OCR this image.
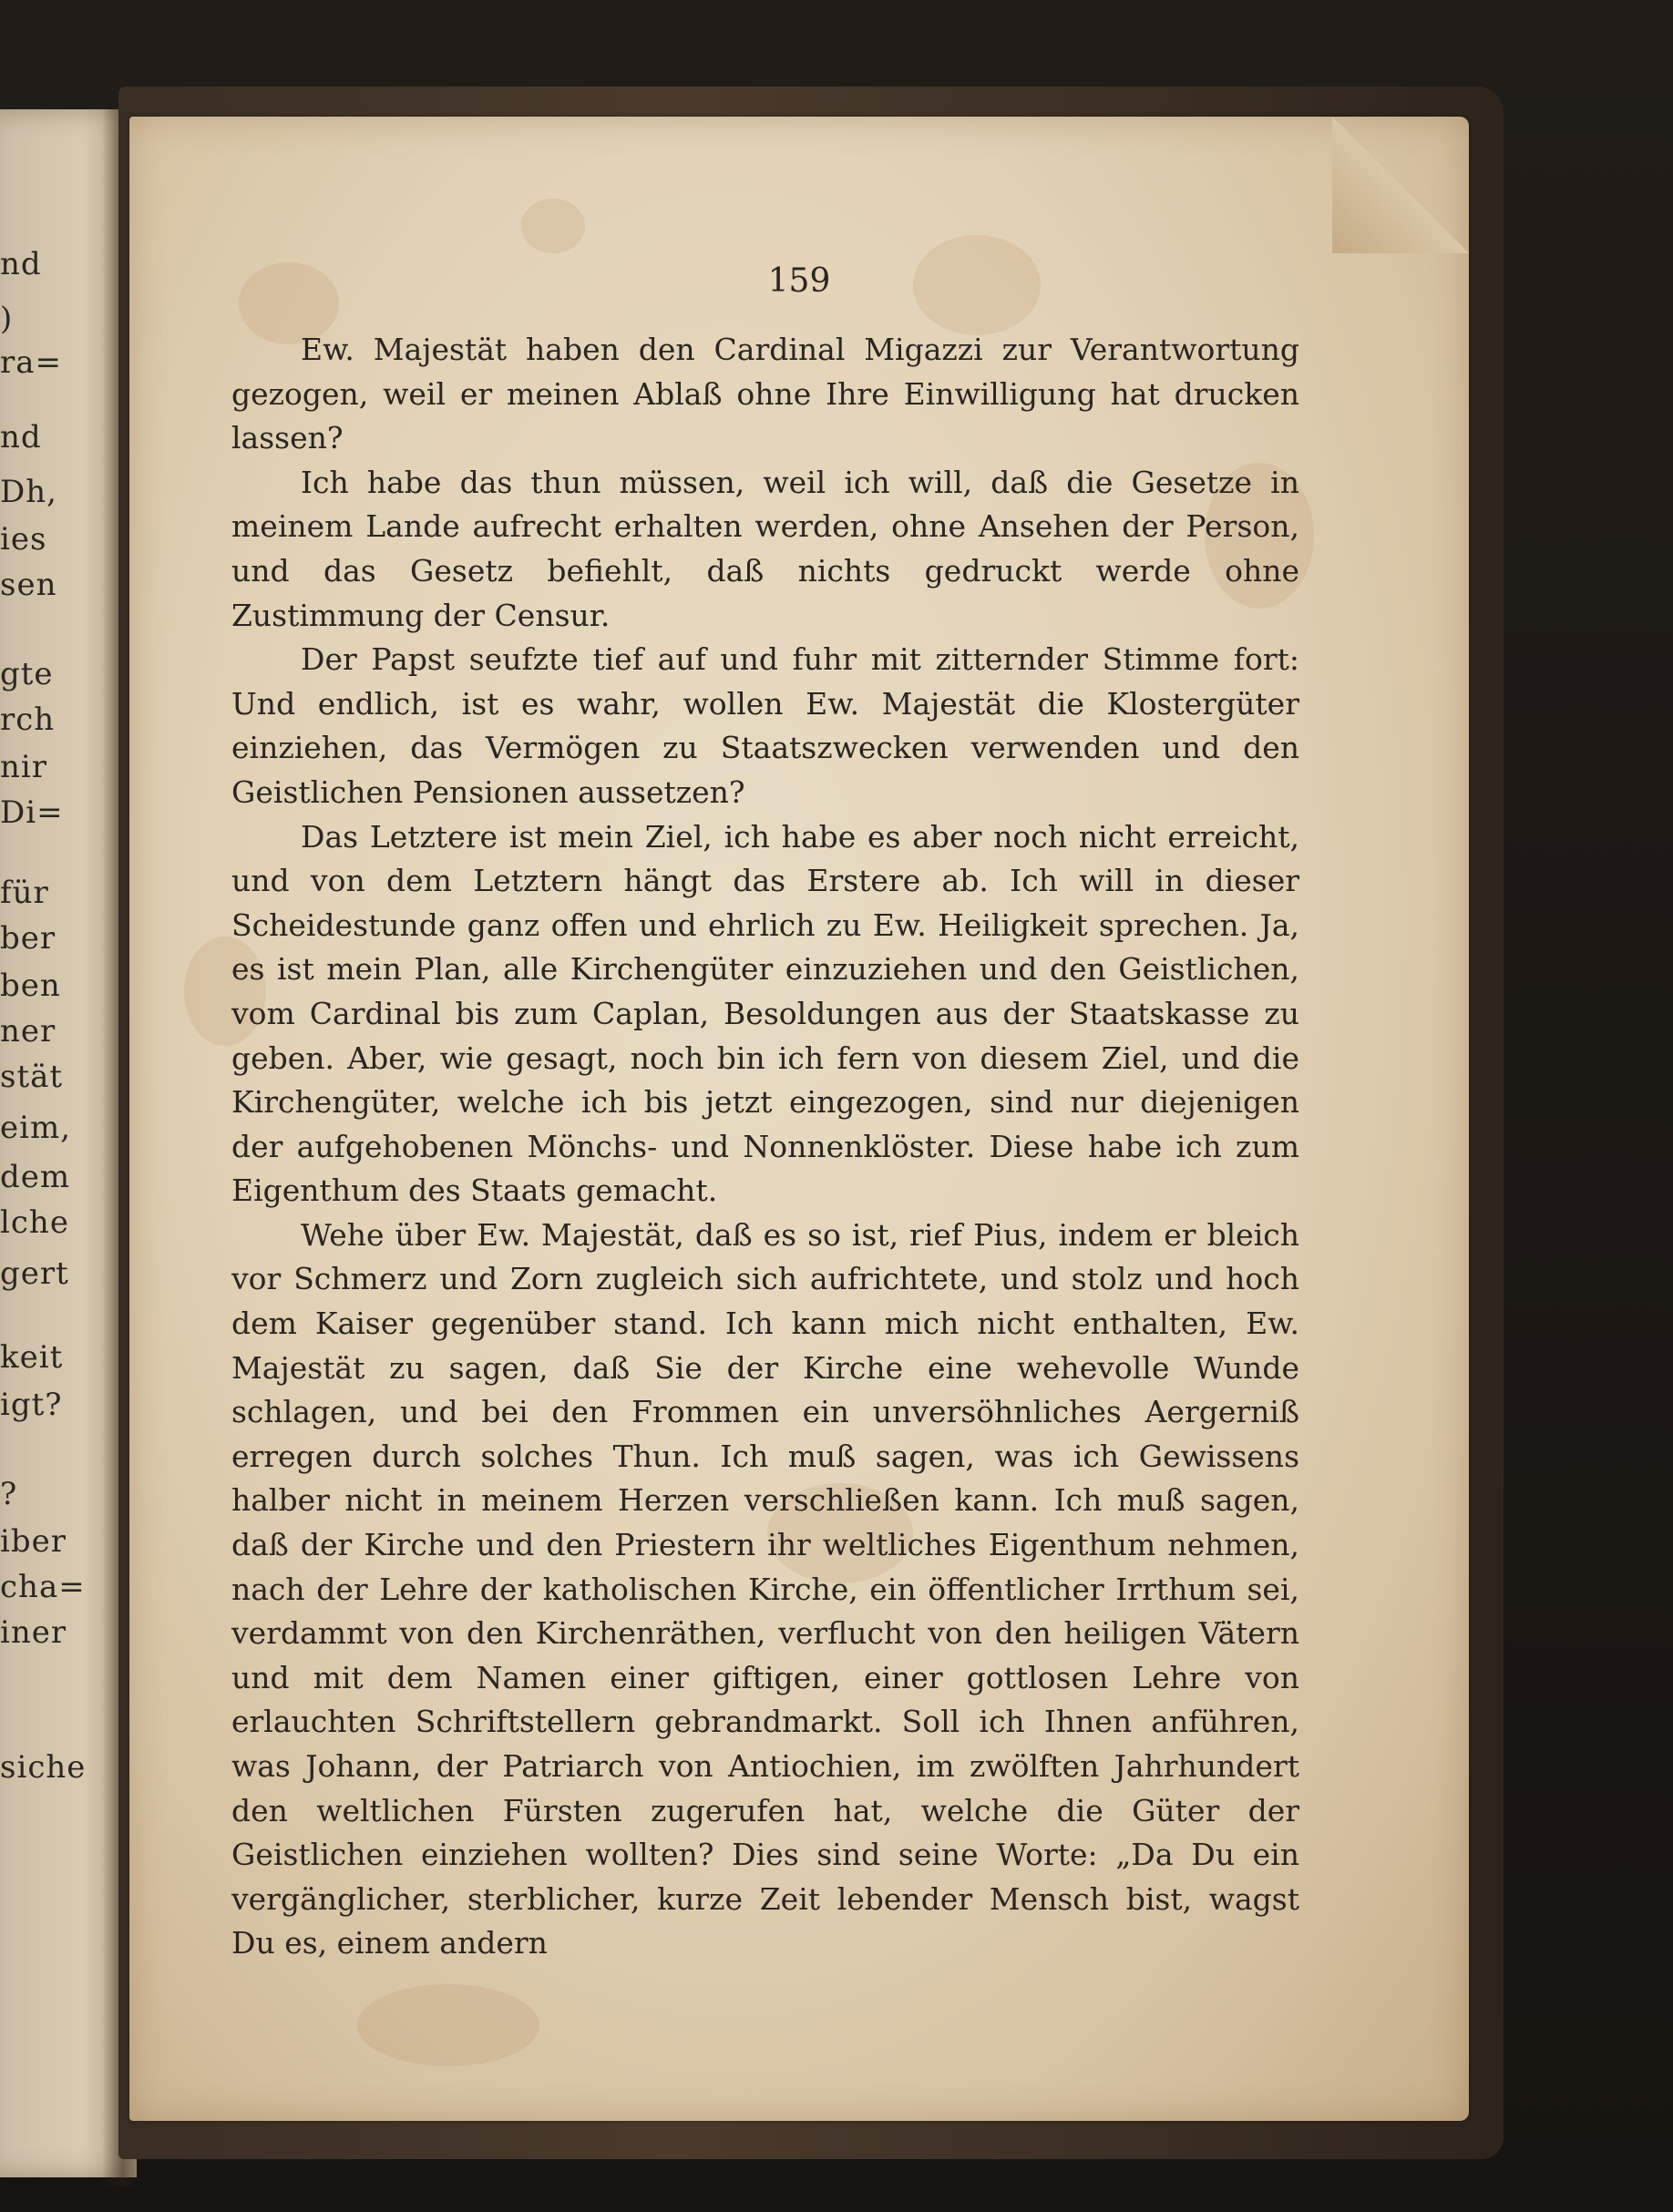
nd
)
ra=
nd
Dh,
ies
sen
gte
rch
nir
Di=
für
ber
ben
ner
stät
eim,
dem
lche
gert
keit
igt?
?
iber
cha=
iner
siche
159

Ew. Majestät haben den Cardinal Migazzi zur Verantwortung gezogen, weil er meinen Ablaß ohne Ihre Einwilligung hat drucken lassen?

Ich habe das thun müssen, weil ich will, daß die Gesetze in meinem Lande aufrecht erhalten werden, ohne Ansehen der Person, und das Gesetz befiehlt, daß nichts gedruckt werde ohne Zustimmung der Censur.

Der Papst seufzte tief auf und fuhr mit zitternder Stimme fort: Und endlich, ist es wahr, wollen Ew. Majestät die Klostergüter einziehen, das Vermögen zu Staatszwecken verwenden und den Geistlichen Pensionen aussetzen?

Das Letztere ist mein Ziel, ich habe es aber noch nicht erreicht, und von dem Letztern hängt das Erstere ab. Ich will in dieser Scheidestunde ganz offen und ehrlich zu Ew. Heiligkeit sprechen. Ja, es ist mein Plan, alle Kirchengüter einzuziehen und den Geistlichen, vom Cardinal bis zum Caplan, Besoldungen aus der Staatskasse zu geben. Aber, wie gesagt, noch bin ich fern von diesem Ziel, und die Kirchengüter, welche ich bis jetzt eingezogen, sind nur diejenigen der aufgehobenen Mönchs- und Nonnenklöster. Diese habe ich zum Eigenthum des Staats gemacht.

Wehe über Ew. Majestät, daß es so ist, rief Pius, indem er bleich vor Schmerz und Zorn zugleich sich aufrichtete, und stolz und hoch dem Kaiser gegenüber stand. Ich kann mich nicht enthalten, Ew. Majestät zu sagen, daß Sie der Kirche eine wehevolle Wunde schlagen, und bei den Frommen ein unversöhnliches Aergerniß erregen durch solches Thun. Ich muß sagen, was ich Gewissens halber nicht in meinem Herzen verschließen kann. Ich muß sagen, daß der Kirche und den Priestern ihr weltliches Eigenthum nehmen, nach der Lehre der katholischen Kirche, ein öffentlicher Irrthum sei, verdammt von den Kirchenräthen, verflucht von den heiligen Vätern und mit dem Namen einer giftigen, einer gottlosen Lehre von erlauchten Schriftstellern gebrandmarkt. Soll ich Ihnen anführen, was Johann, der Patriarch von Antiochien, im zwölften Jahrhundert den weltlichen Fürsten zugerufen hat, welche die Güter der Geistlichen einziehen wollten? Dies sind seine Worte: „Da Du ein vergänglicher, sterblicher, kurze Zeit lebender Mensch bist, wagst Du es, einem andern
